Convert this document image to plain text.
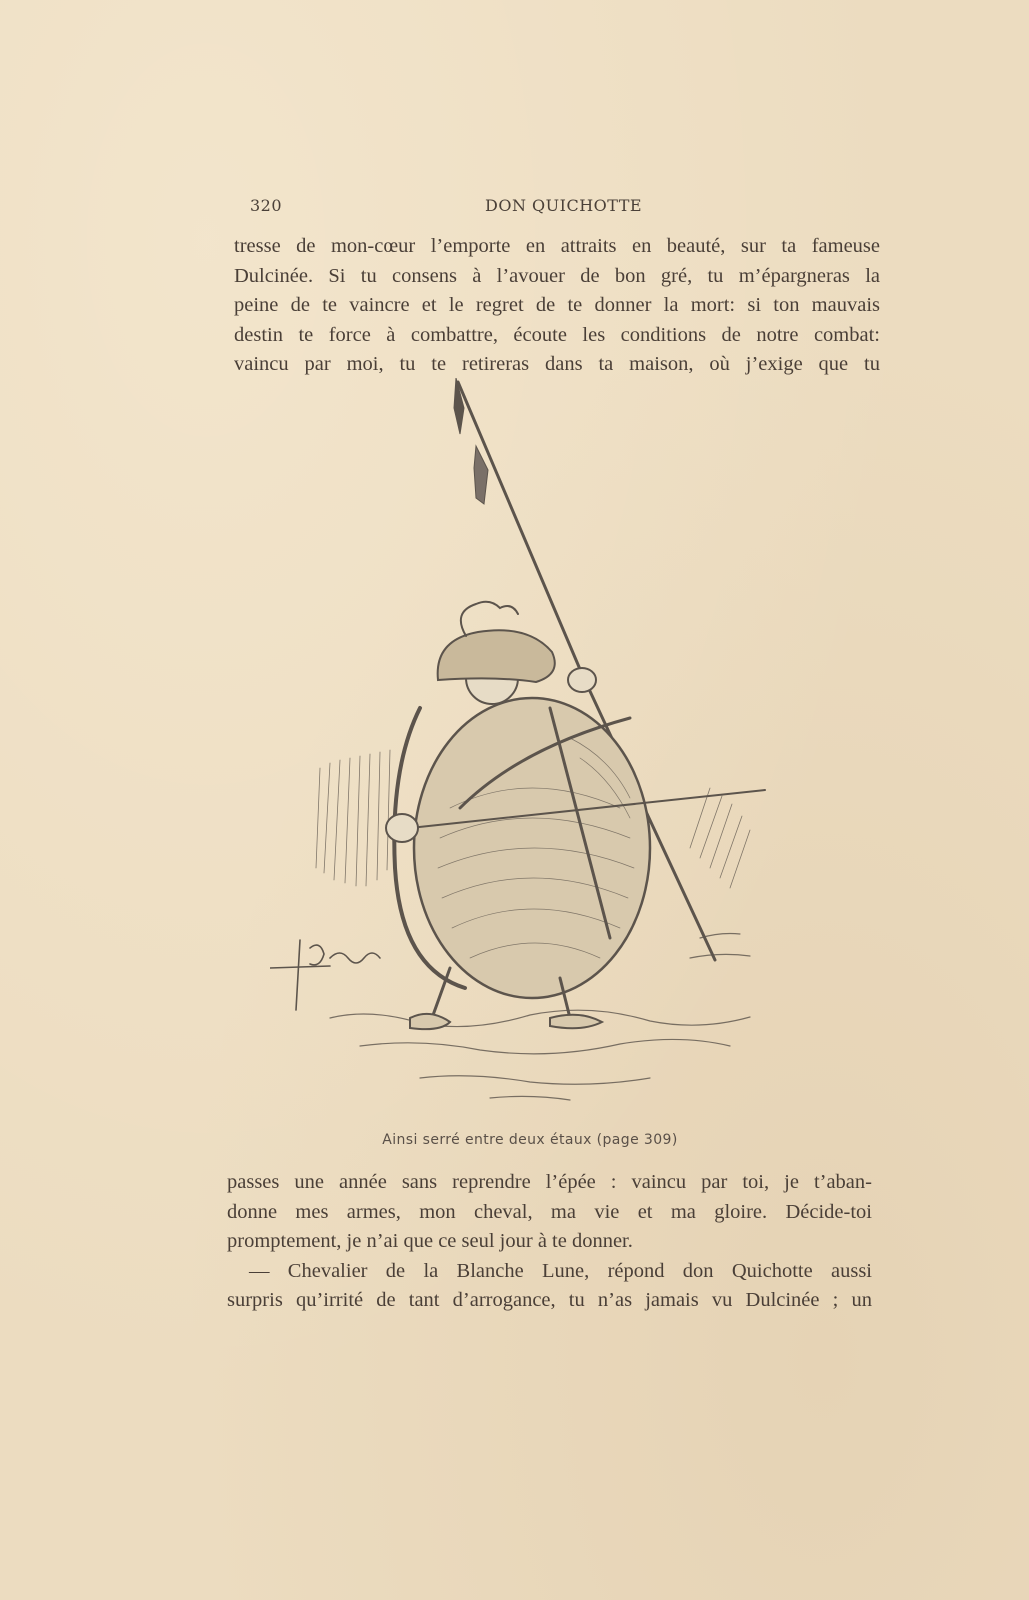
320	DON QUICHOTTE
tresse de mon-cœur l’emporte en attraits en beauté, sur ta fameuse
Dulcinée. Si tu consens à l’avouer de bon gré, tu m’épargneras la
peine de te vaincre et le regret de te donner la mort: si ton mauvais
destin te force à combattre, écoute les conditions de notre combat:
vaincu par moi, tu te retireras dans ta maison, où j’exige que tu
Ainsi serré entre deux étaux (page 309)
passes une année sans reprendre l’épée : vaincu par toi, je t’aban-
donne mes armes, mon cheval, ma vie et ma gloire. Décide-toi
promptement, je n’ai que ce seul jour à te donner.
— Chevalier de la Blanche Lune, répond don Quichotte aussi
surpris qu’irrité de tant d’arrogance, tu n’as jamais vu Dulcinée ; un
